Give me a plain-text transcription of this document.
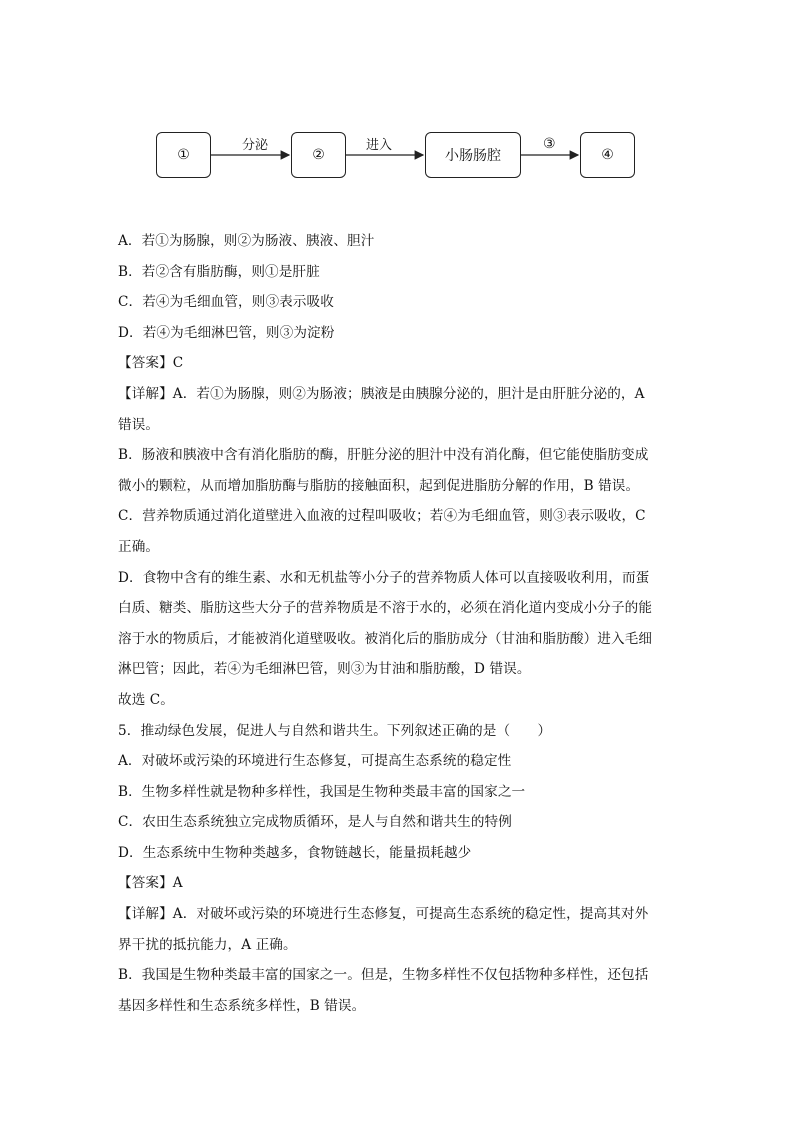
①	②	小肠肠腔	④
分泌	进入	③
A．若①为肠腺，则②为肠液、胰液、胆汁
B．若②含有脂肪酶，则①是肝脏
C．若④为毛细血管，则③表示吸收
D．若④为毛细淋巴管，则③为淀粉
【答案】C
【详解】A．若①为肠腺，则②为肠液；胰液是由胰腺分泌的，胆汁是由肝脏分泌的，A
错误。
B．肠液和胰液中含有消化脂肪的酶，肝脏分泌的胆汁中没有消化酶，但它能使脂肪变成
微小的颗粒，从而增加脂肪酶与脂肪的接触面积，起到促进脂肪分解的作用，B 错误。
C．营养物质通过消化道壁进入血液的过程叫吸收；若④为毛细血管，则③表示吸收，C
正确。
D．食物中含有的维生素、水和无机盐等小分子的营养物质人体可以直接吸收利用，而蛋
白质、糖类、脂肪这些大分子的营养物质是不溶于水的，必须在消化道内变成小分子的能
溶于水的物质后，才能被消化道壁吸收。被消化后的脂肪成分（甘油和脂肪酸）进入毛细
淋巴管；因此，若④为毛细淋巴管，则③为甘油和脂肪酸，D 错误。
故选 C。
5．推动绿色发展，促进人与自然和谐共生。下列叙述正确的是（　　）
A．对破坏或污染的环境进行生态修复，可提高生态系统的稳定性
B．生物多样性就是物种多样性，我国是生物种类最丰富的国家之一
C．农田生态系统独立完成物质循环，是人与自然和谐共生的特例
D．生态系统中生物种类越多，食物链越长，能量损耗越少
【答案】A
【详解】A．对破坏或污染的环境进行生态修复，可提高生态系统的稳定性，提高其对外
界干扰的抵抗能力，A 正确。
B．我国是生物种类最丰富的国家之一。但是，生物多样性不仅包括物种多样性，还包括
基因多样性和生态系统多样性，B 错误。
